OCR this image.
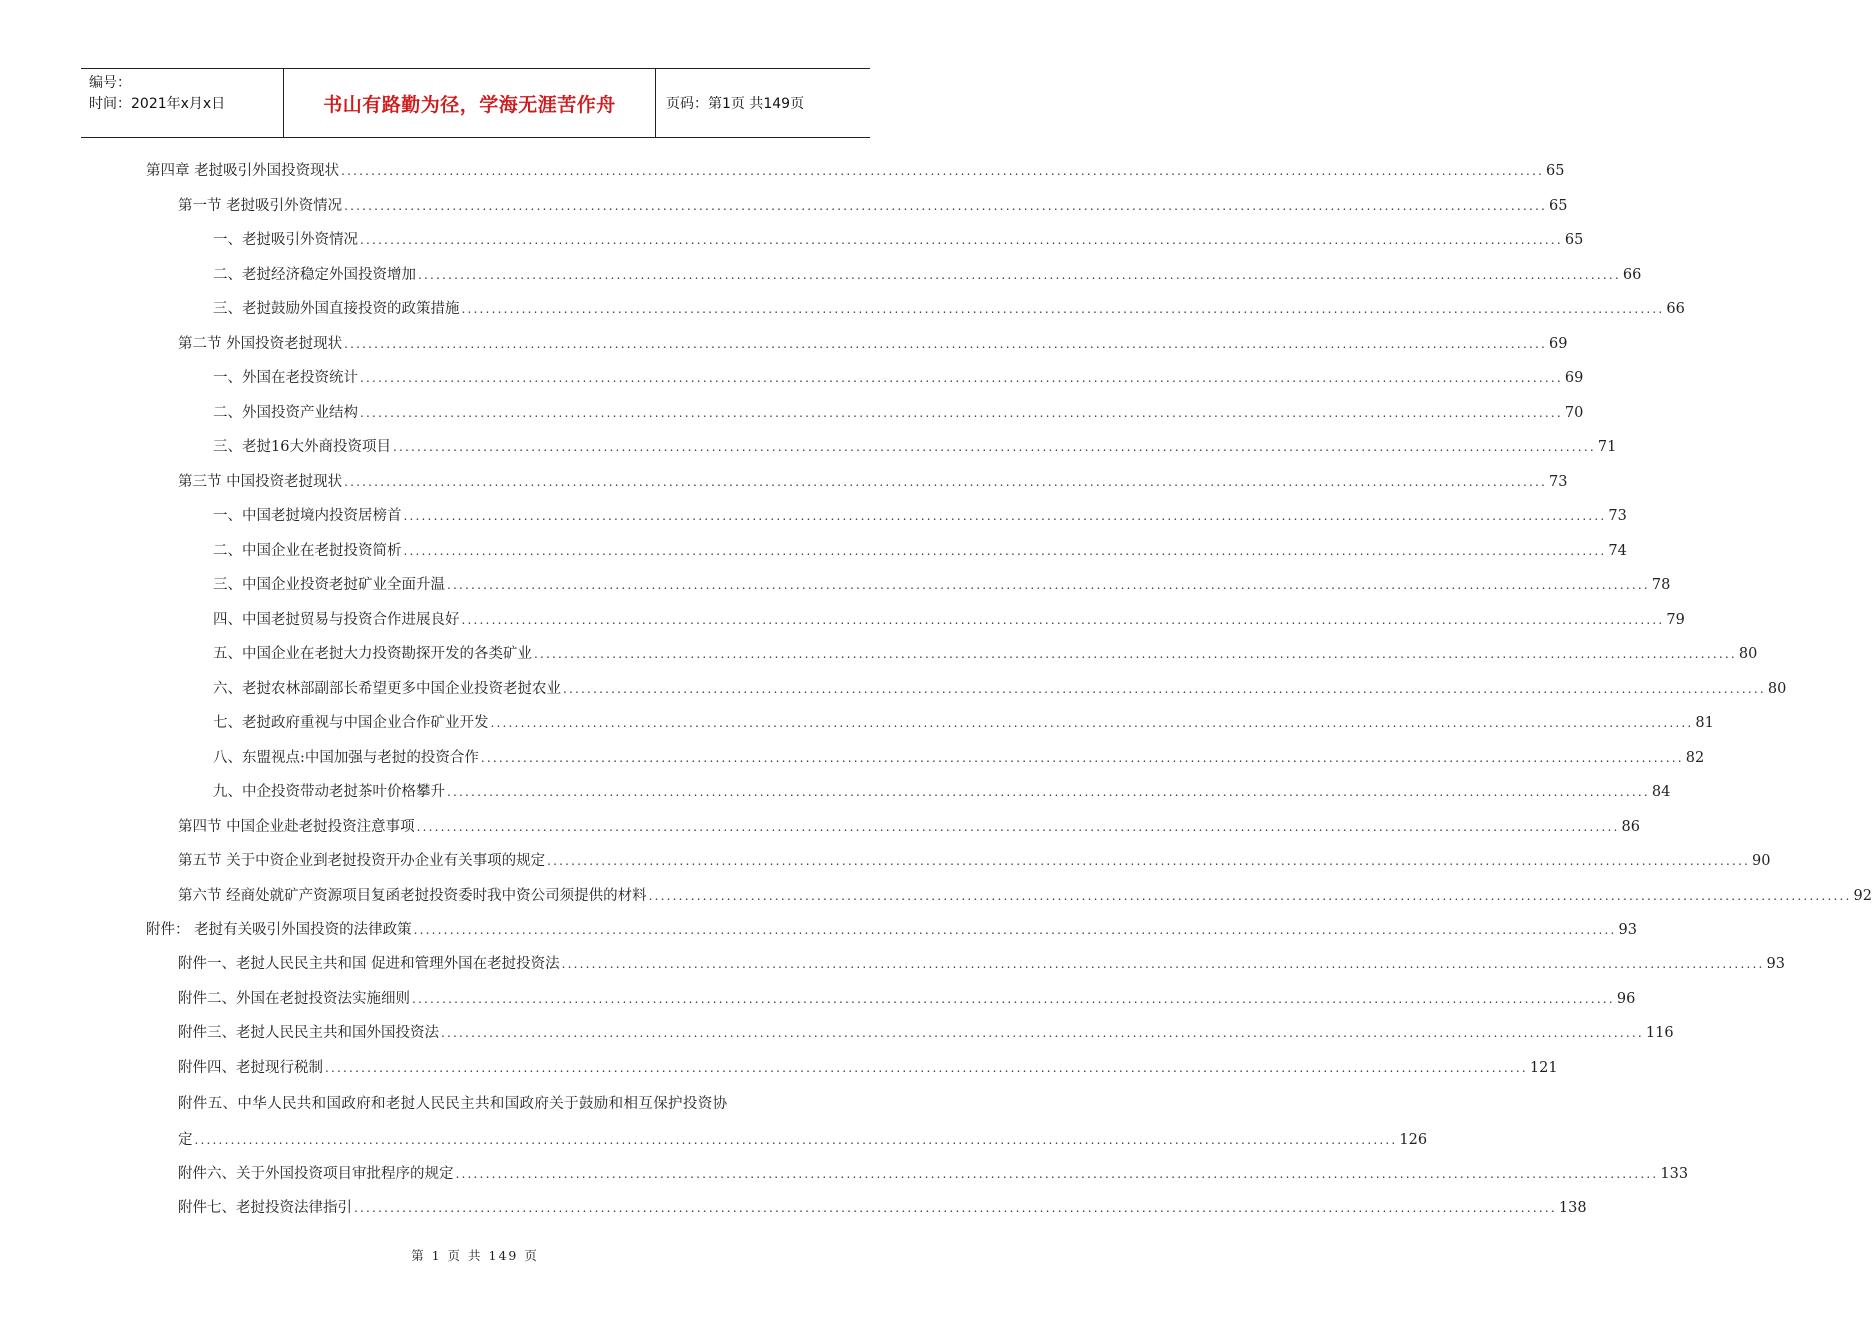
编号：
时间：2021年x月x日	书山有路勤为径，学海无涯苦作舟	页码：第1页 共149页
第四章 老挝吸引外国投资现状 ........................................................................................................................................................................................................ 65
第一节 老挝吸引外资情况 ........................................................................................................................................................................................................ 65
一、老挝吸引外资情况 ........................................................................................................................................................................................................ 65
二、老挝经济稳定外国投资增加 ........................................................................................................................................................................................................ 66
三、老挝鼓励外国直接投资的政策措施 ........................................................................................................................................................................................................ 66
第二节 外国投资老挝现状 ........................................................................................................................................................................................................ 69
一、外国在老投资统计 ........................................................................................................................................................................................................ 69
二、外国投资产业结构 ........................................................................................................................................................................................................ 70
三、老挝16大外商投资项目 ........................................................................................................................................................................................................ 71
第三节 中国投资老挝现状 ........................................................................................................................................................................................................ 73
一、中国老挝境内投资居榜首 ........................................................................................................................................................................................................ 73
二、中国企业在老挝投资简析 ........................................................................................................................................................................................................ 74
三、中国企业投资老挝矿业全面升温 ........................................................................................................................................................................................................ 78
四、中国老挝贸易与投资合作进展良好 ........................................................................................................................................................................................................ 79
五、中国企业在老挝大力投资勘探开发的各类矿业 ........................................................................................................................................................................................................ 80
六、老挝农林部副部长希望更多中国企业投资老挝农业 ........................................................................................................................................................................................................ 80
七、老挝政府重视与中国企业合作矿业开发 ........................................................................................................................................................................................................ 81
八、东盟视点:中国加强与老挝的投资合作 ........................................................................................................................................................................................................ 82
九、中企投资带动老挝茶叶价格攀升 ........................................................................................................................................................................................................ 84
第四节 中国企业赴老挝投资注意事项 ........................................................................................................................................................................................................ 86
第五节 关于中资企业到老挝投资开办企业有关事项的规定 ........................................................................................................................................................................................................ 90
第六节 经商处就矿产资源项目复函老挝投资委时我中资公司须提供的材料 ........................................................................................................................................................................................................ 92
附件： 老挝有关吸引外国投资的法律政策 ........................................................................................................................................................................................................ 93
附件一、老挝人民民主共和国 促进和管理外国在老挝投资法 ........................................................................................................................................................................................................ 93
附件二、外国在老挝投资法实施细则 ........................................................................................................................................................................................................ 96
附件三、老挝人民民主共和国外国投资法 ........................................................................................................................................................................................................ 116
附件四、老挝现行税制 ........................................................................................................................................................................................................ 121
附件五、中华人民共和国政府和老挝人民民主共和国政府关于鼓励和相互保护投资协
定 ........................................................................................................................................................................................................ 126
附件六、关于外国投资项目审批程序的规定 ........................................................................................................................................................................................................ 133
附件七、老挝投资法律指引 ........................................................................................................................................................................................................ 138
第 1 页 共 149 页
